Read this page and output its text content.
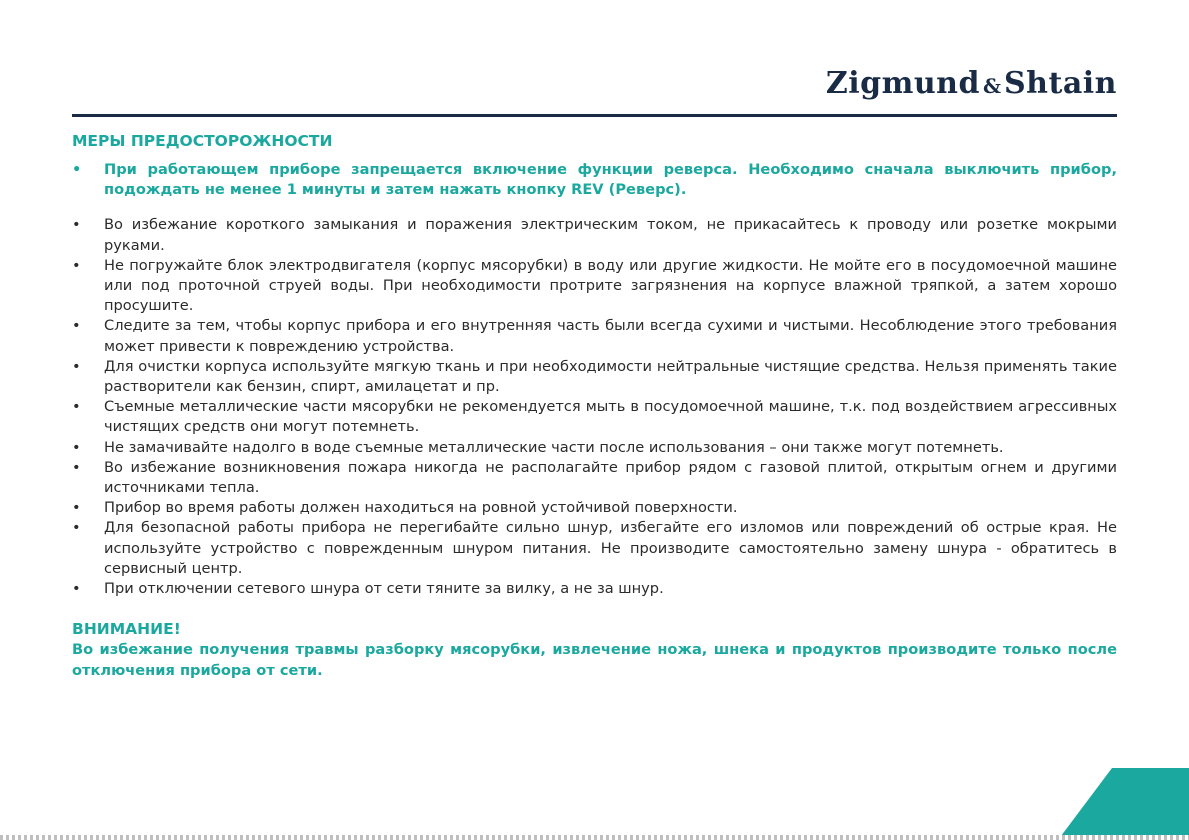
Zigmund & Shtain
МЕРЫ ПРЕДОСТОРОЖНОСТИ
• При работающем приборе запрещается включение функции реверса. Необходимо сначала выключить прибор, подождать не менее 1 минуты и затем нажать кнопку REV (Реверс).
• Во избежание короткого замыкания и поражения электрическим током, не прикасайтесь к проводу или розетке мокрыми руками.
• Не погружайте блок электродвигателя (корпус мясорубки) в воду или другие жидкости. Не мойте его в посудомоечной машине или под проточной струей воды. При необходимости протрите загрязнения на корпусе влажной тряпкой, а затем хорошо просушите.
• Следите за тем, чтобы корпус прибора и его внутренняя часть были всегда сухими и чистыми. Несоблюдение этого требования может привести к повреждению устройства.
• Для очистки корпуса используйте мягкую ткань и при необходимости нейтральные чистящие средства. Нельзя применять такие растворители как бензин, спирт, амилацетат и пр.
• Съемные металлические части мясорубки не рекомендуется мыть в посудомоечной машине, т.к. под воздействием агрессивных чистящих средств они могут потемнеть.
• Не замачивайте надолго в воде съемные металлические части после использования – они также могут потемнеть.
• Во избежание возникновения пожара никогда не располагайте прибор рядом с газовой плитой, открытым огнем и другими источниками тепла.
• Прибор во время работы должен находиться на ровной устойчивой поверхности.
• Для безопасной работы прибора не перегибайте сильно шнур, избегайте его изломов или повреждений об острые края. Не используйте устройство с поврежденным шнуром питания. Не производите самостоятельно замену шнура - обратитесь в сервисный центр.
• При отключении сетевого шнура от сети тяните за вилку, а не за шнур.
ВНИМАНИЕ!
Во избежание получения травмы разборку мясорубки, извлечение ножа, шнека и продуктов производите только после отключения прибора от сети.
